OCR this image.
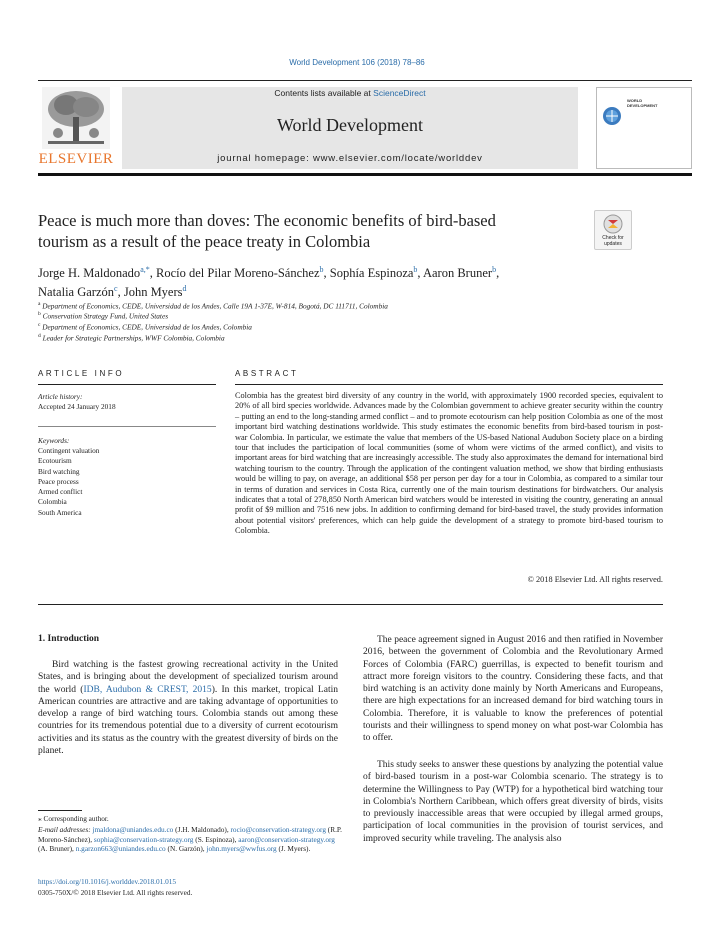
World Development 106 (2018) 78–86
ELSEVIER
Contents lists available at ScienceDirect
World Development
journal homepage: www.elsevier.com/locate/worlddev
WORLD
DEVELOPMENT
Peace is much more than doves: The economic benefits of bird-based
tourism as a result of the peace treaty in Colombia	Check for
updates
Jorge H. Maldonado$^{a,*}$, Rocío del Pilar Moreno-Sánchez$^b$, Sophía Espinoza$^b$, Aaron Bruner$^b$,
Natalia Garzón$^c$, John Myers$^d$
$^a$ Department of Economics, CEDE, Universidad de los Andes, Calle 19A 1-37E, W-814, Bogotá, DC 111711, Colombia
$^b$ Conservation Strategy Fund, United States
$^c$ Department of Economics, CEDE, Universidad de los Andes, Colombia
$^d$ Leader for Strategic Partnerships, WWF Colombia, Colombia
ARTICLE INFO	ABSTRACT
Article history:
Accepted 24 January 2018
Keywords:
Contingent valuation
Ecotourism
Bird watching
Peace process
Armed conflict
Colombia
South America
Colombia has the greatest bird diversity of any country in the world, with approximately 1900 recorded species, equivalent to 20% of all bird species worldwide. Advances made by the Colombian government to achieve greater security within the country – putting an end to the long-standing armed conflict – and to promote ecotourism can help position Colombia as one of the most important bird watching destinations worldwide. This study estimates the economic benefits from bird-based tourism in post-war Colombia. In particular, we estimate the value that members of the US-based National Audubon Society place on a birding tour that includes the participation of local communities (some of whom were victims of the armed conflict), and visits to important areas for bird watching that are increasingly accessible. The study also approximates the demand for international bird watching tourism to the country. Through the application of the contingent valuation method, we show that birding enthusiasts would be willing to pay, on average, an additional $58 per person per day for a tour in Colombia, as compared to a similar tour in terms of duration and services in Costa Rica, currently one of the main tourism destinations for birdwatchers. Our analysis indicates that a total of 278,850 North American bird watchers would be interested in visiting the country, generating an annual profit of $9 million and 7516 new jobs. In addition to confirming demand for bird-based travel, the study provides information about potential visitors' preferences, which can help guide the development of a strategy to promote bird-based tourism to Colombia.
© 2018 Elsevier Ltd. All rights reserved.
1. Introduction
Bird watching is the fastest growing recreational activity in the United States, and is bringing about the development of specialized tourism around the world (IDB, Audubon & CREST, 2015). In this market, tropical Latin American countries are attractive and are taking advantage of opportunities to develop a range of bird watching tours. Colombia stands out among these countries for its tremendous potential due to a diversity of current ecotourism activities and its status as the country with the greatest diversity of birds on the planet.
The peace agreement signed in August 2016 and then ratified in November 2016, between the government of Colombia and the Revolutionary Armed Forces of Colombia (FARC) guerrillas, is expected to benefit tourism and attract more foreign visitors to the country. Considering these facts, and that bird watching is an activity done mainly by North Americans and Europeans, there are high expectations for an increased demand for bird watching tours in Colombia. Therefore, it is valuable to know the preferences of potential tourists and their willingness to spend money on what post-war Colombia has to offer.
This study seeks to answer these questions by analyzing the potential value of bird-based tourism in a post-war Colombia scenario. The strategy is to determine the Willingness to Pay (WTP) for a hypothetical bird watching tour in Colombia's Northern Caribbean, which offers great diversity of birds, visits to previously inaccessible areas that were occupied by illegal armed groups, participation of local communities in the provision of tourist services, and improved security while traveling. The analysis also
⁎ Corresponding author.
E-mail addresses: jmaldona@uniandes.edu.co (J.H. Maldonado), rocio@conservation-strategy.org (R.P. Moreno-Sánchez), sophia@conservation-strategy.org (S. Espinoza), aaron@conservation-strategy.org (A. Bruner), n.garzon663@uniandes.edu.co (N. Garzón), john.myers@wwfus.org (J. Myers).
https://doi.org/10.1016/j.worlddev.2018.01.015
0305-750X/© 2018 Elsevier Ltd. All rights reserved.
